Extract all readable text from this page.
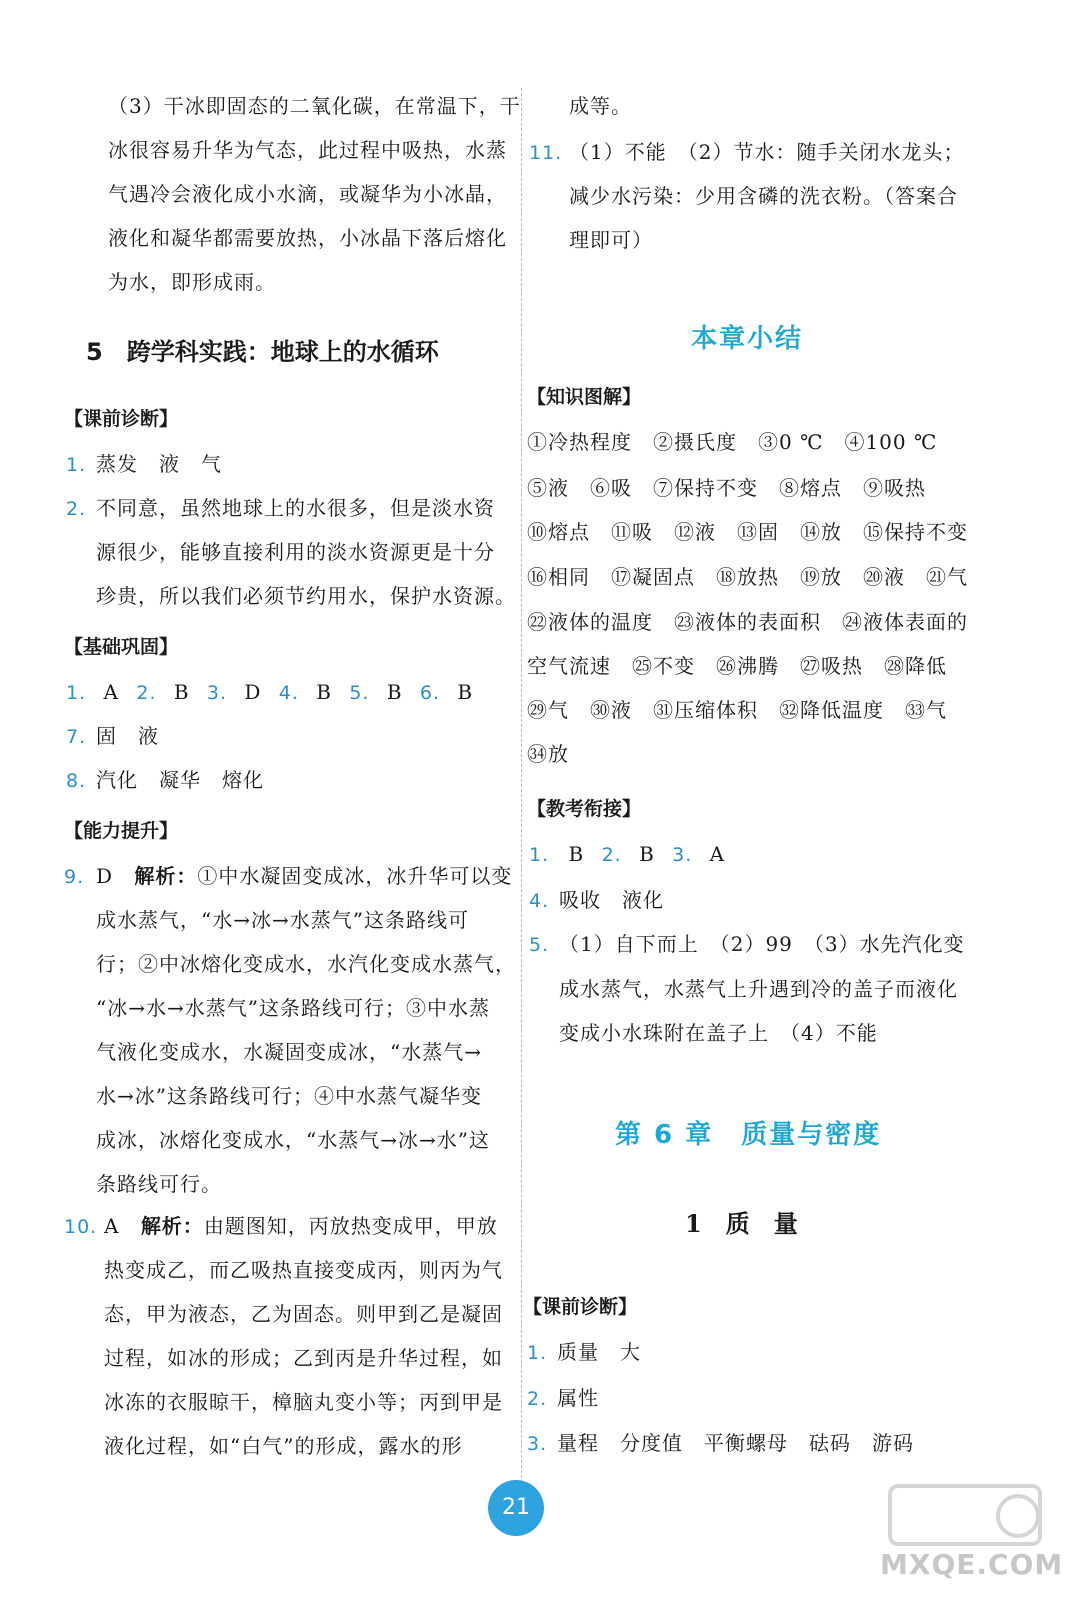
（3）干冰即固态的二氧化碳，在常温下，干
冰很容易升华为气态，此过程中吸热，水蒸
气遇冷会液化成小水滴，或凝华为小冰晶，
液化和凝华都需要放热，小冰晶下落后熔化
为水，即形成雨。
5　跨学科实践：地球上的水循环
【课前诊断】
1. 蒸发　液　气
2. 不同意，虽然地球上的水很多，但是淡水资
源很少，能够直接利用的淡水资源更是十分
珍贵，所以我们必须节约用水，保护水资源。
【基础巩固】
1. A 2. B 3. D 4. B 5. B 6. B
7. 固　液
8. 汽化　凝华　熔化
【能力提升】
9. D 解析：①中水凝固变成冰，冰升华可以变
成水蒸气，“水→冰→水蒸气”这条路线可
行；②中冰熔化变成水，水汽化变成水蒸气，
“冰→水→水蒸气”这条路线可行；③中水蒸
气液化变成水，水凝固变成冰，“水蒸气→
水→冰”这条路线可行；④中水蒸气凝华变
成冰，冰熔化变成水，“水蒸气→冰→水”这
条路线可行。
10. A 解析：由题图知，丙放热变成甲，甲放
热变成乙，而乙吸热直接变成丙，则丙为气
态，甲为液态，乙为固态。则甲到乙是凝固
过程，如冰的形成；乙到丙是升华过程，如
冰冻的衣服晾干，樟脑丸变小等；丙到甲是
液化过程，如“白气”的形成，露水的形
成等。
11. （1）不能　（2）节水：随手关闭水龙头；
减少水污染：少用含磷的洗衣粉。（答案合
理即可）
本章小结
【知识图解】
①冷热程度　②摄氏度　③0 ℃　④100 ℃
⑤液　⑥吸　⑦保持不变　⑧熔点　⑨吸热
⑩熔点　⑪吸　⑫液　⑬固　⑭放　⑮保持不变
⑯相同　⑰凝固点　⑱放热　⑲放　⑳液　㉑气
㉒液体的温度　㉓液体的表面积　㉔液体表面的
空气流速　㉕不变　㉖沸腾　㉗吸热　㉘降低
㉙气　㉚液　㉛压缩体积　㉜降低温度　㉝气
㉞放
【教考衔接】
1. B 2. B 3. A
4. 吸收　液化
5. （1）自下而上　（2）99　（3）水先汽化变
成水蒸气，水蒸气上升遇到冷的盖子而液化
变成小水珠附在盖子上　（4）不能
第 6 章　质量与密度
1　质　量
【课前诊断】
1. 质量　大
2. 属性
3. 量程　分度值　平衡螺母　砝码　游码
21
MXQE.COM
